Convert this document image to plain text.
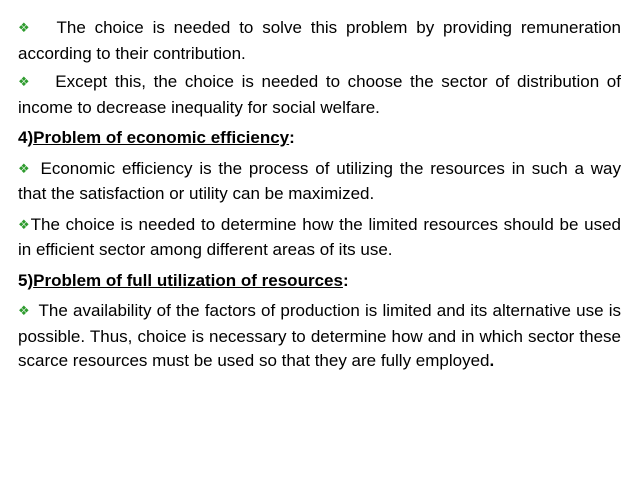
❖ The choice is needed to solve this problem by providing remuneration according to their contribution.

❖ Except this, the choice is needed to choose the sector of distribution of income to decrease inequality for social welfare.

4)Problem of economic efficiency:

❖ Economic efficiency is the process of utilizing the resources in such a way that the satisfaction or utility can be maximized.

❖The choice is needed to determine how the limited resources should be used in efficient sector among different areas of its use.

5)Problem of full utilization of resources:

❖ The availability of the factors of production is limited and its alternative use is possible. Thus, choice is necessary to determine how and in which sector these scarce resources must be used so that they are fully employed.
